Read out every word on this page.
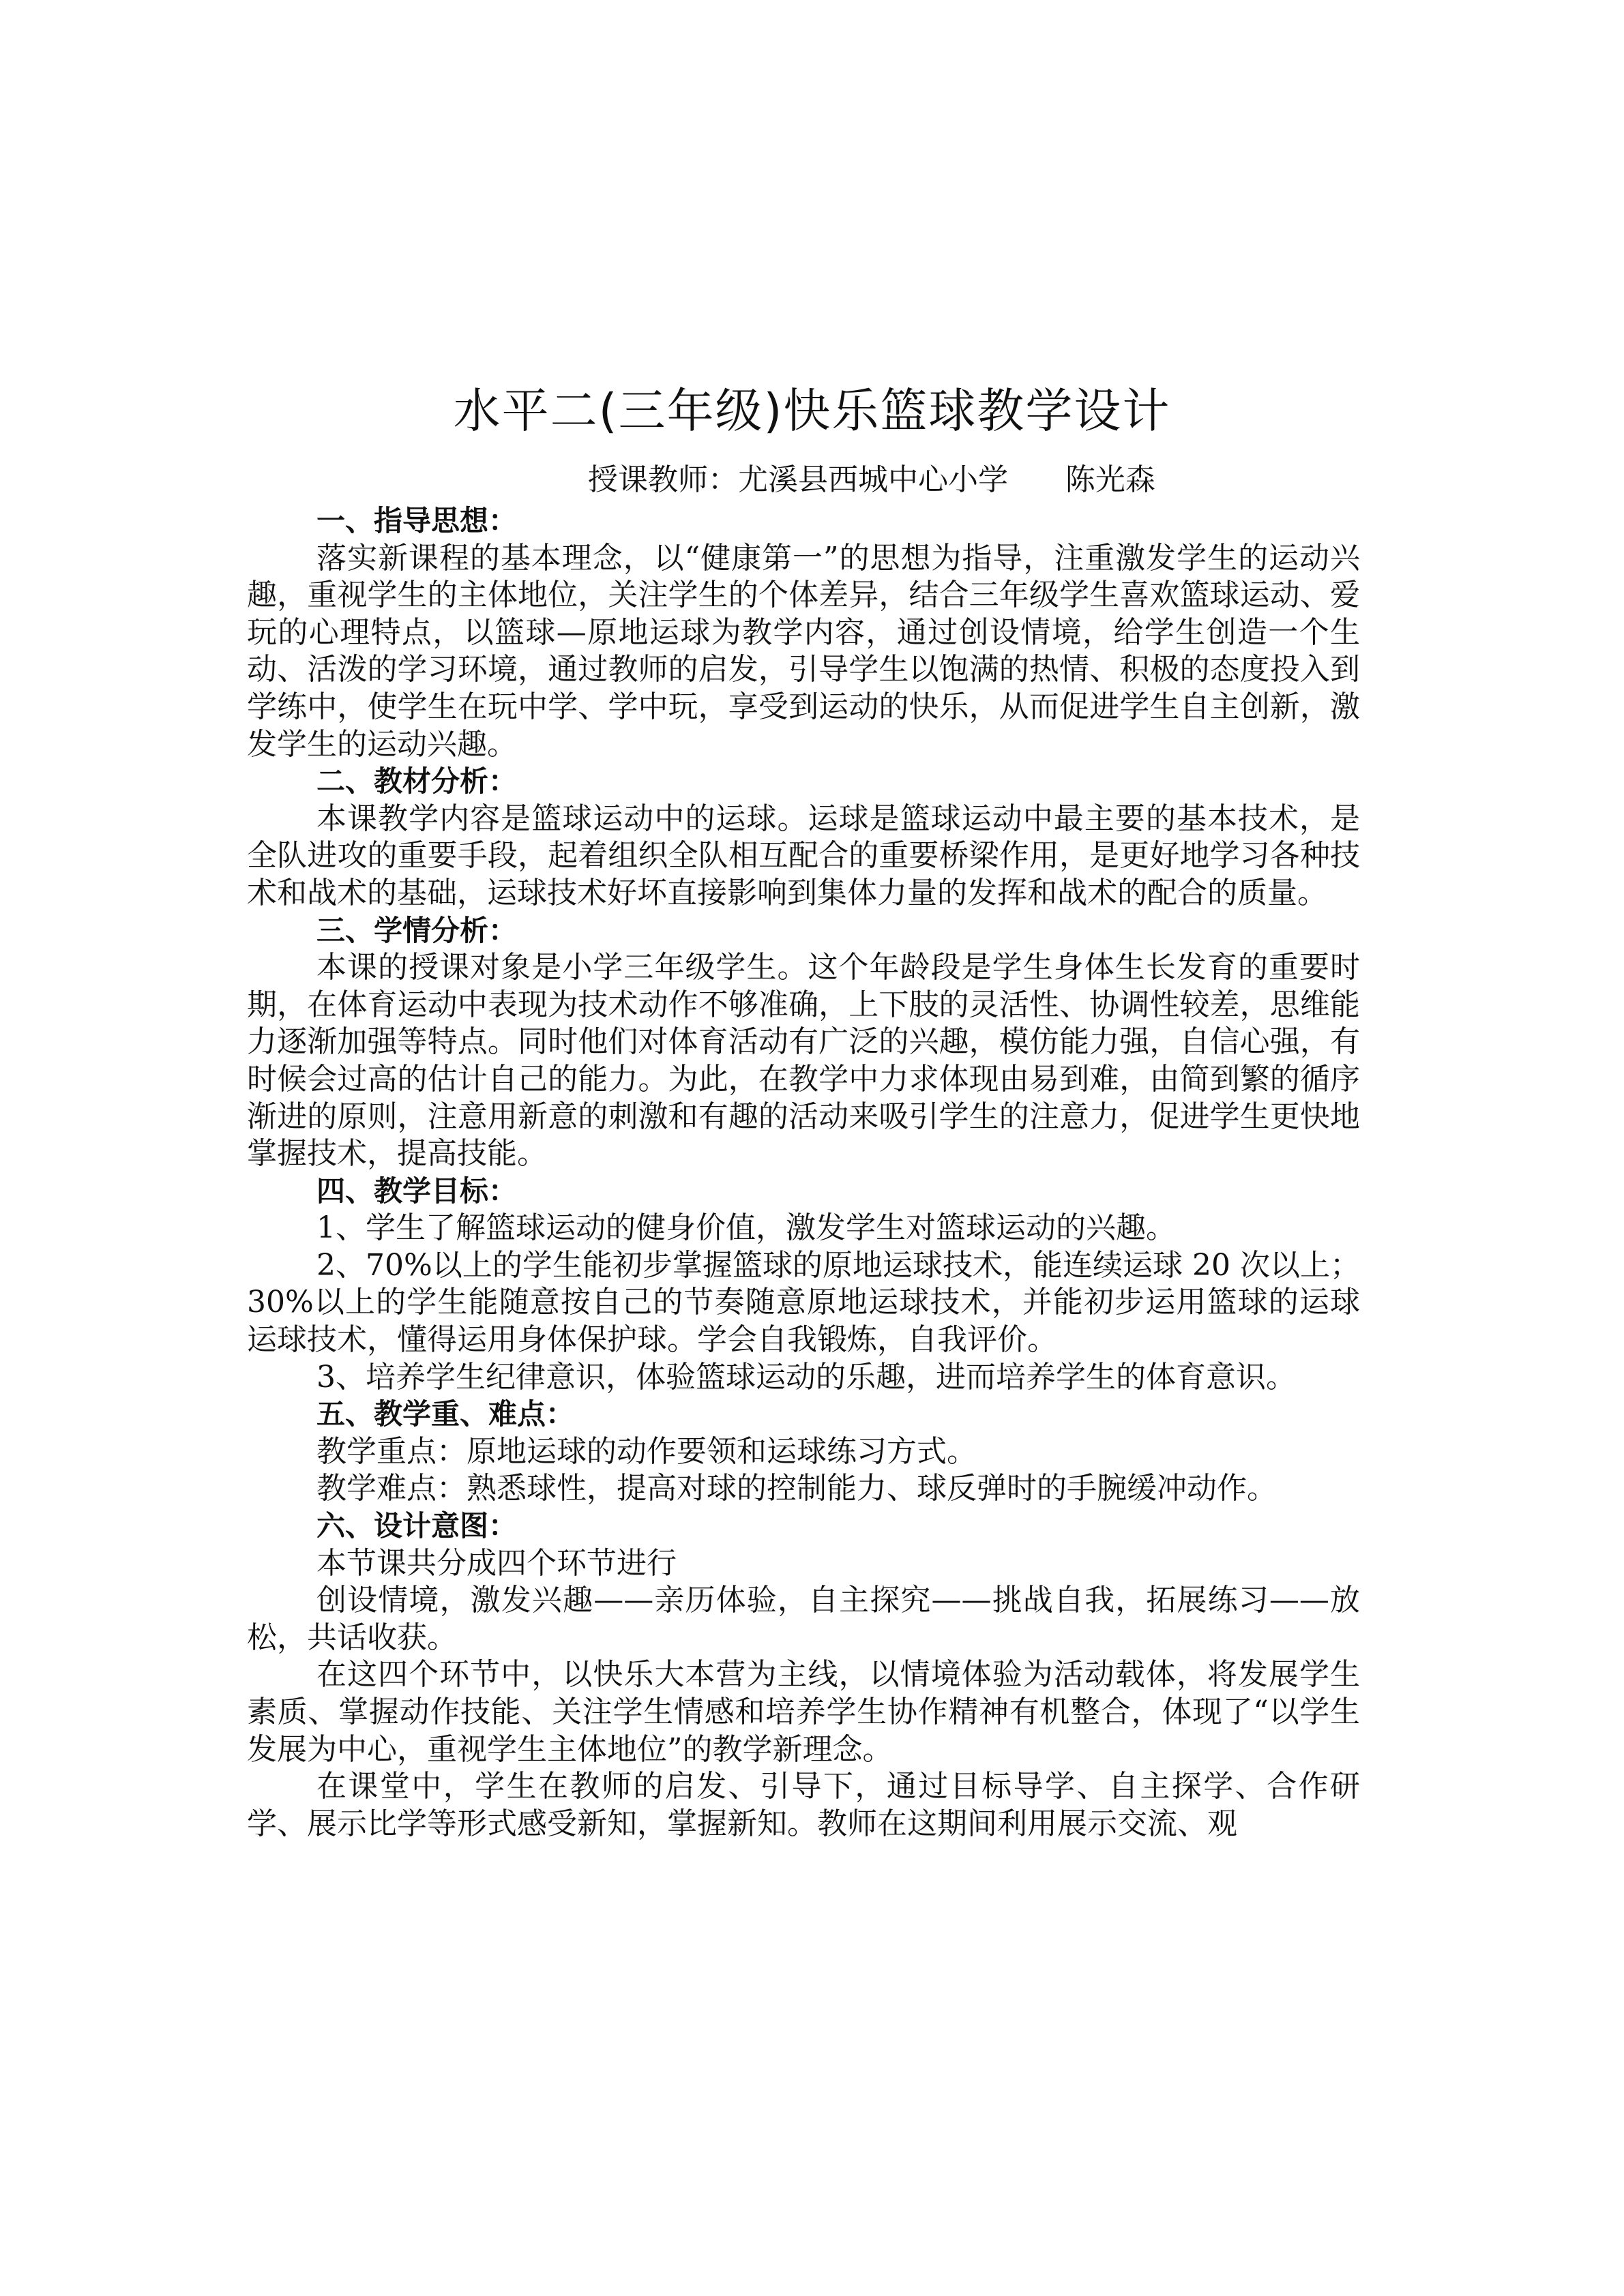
水平二(三年级)快乐篮球教学设计
授课教师：尤溪县西城中心小学      陈光森
一、指导思想：

落实新课程的基本理念，以“健康第一”的思想为指导，注重激发学生的运动兴趣，重视学生的主体地位，关注学生的个体差异，结合三年级学生喜欢篮球运动、爱玩的心理特点，以篮球—原地运球为教学内容，通过创设情境，给学生创造一个生动、活泼的学习环境，通过教师的启发，引导学生以饱满的热情、积极的态度投入到学练中，使学生在玩中学、学中玩，享受到运动的快乐，从而促进学生自主创新，激发学生的运动兴趣。

二、教材分析：

本课教学内容是篮球运动中的运球。运球是篮球运动中最主要的基本技术，是全队进攻的重要手段，起着组织全队相互配合的重要桥梁作用，是更好地学习各种技术和战术的基础，运球技术好坏直接影响到集体力量的发挥和战术的配合的质量。

三、学情分析：

本课的授课对象是小学三年级学生。这个年龄段是学生身体生长发育的重要时期，在体育运动中表现为技术动作不够准确，上下肢的灵活性、协调性较差，思维能力逐渐加强等特点。同时他们对体育活动有广泛的兴趣，模仿能力强，自信心强，有时候会过高的估计自己的能力。为此，在教学中力求体现由易到难，由简到繁的循序渐进的原则，注意用新意的刺激和有趣的活动来吸引学生的注意力，促进学生更快地掌握技术，提高技能。

四、教学目标：

1、学生了解篮球运动的健身价值，激发学生对篮球运动的兴趣。

2、70%以上的学生能初步掌握篮球的原地运球技术，能连续运球 20 次以上；30%以上的学生能随意按自己的节奏随意原地运球技术，并能初步运用篮球的运球运球技术，懂得运用身体保护球。学会自我锻炼，自我评价。

3、培养学生纪律意识，体验篮球运动的乐趣，进而培养学生的体育意识。

五、教学重、难点：

教学重点：原地运球的动作要领和运球练习方式。

教学难点：熟悉球性，提高对球的控制能力、球反弹时的手腕缓冲动作。

六、设计意图：

本节课共分成四个环节进行

创设情境，激发兴趣——亲历体验，自主探究——挑战自我，拓展练习——放松，共话收获。

在这四个环节中，以快乐大本营为主线，以情境体验为活动载体，将发展学生素质、掌握动作技能、关注学生情感和培养学生协作精神有机整合，体现了“以学生发展为中心，重视学生主体地位”的教学新理念。

在课堂中，学生在教师的启发、引导下，通过目标导学、自主探学、合作研学、展示比学等形式感受新知，掌握新知。教师在这期间利用展示交流、观
